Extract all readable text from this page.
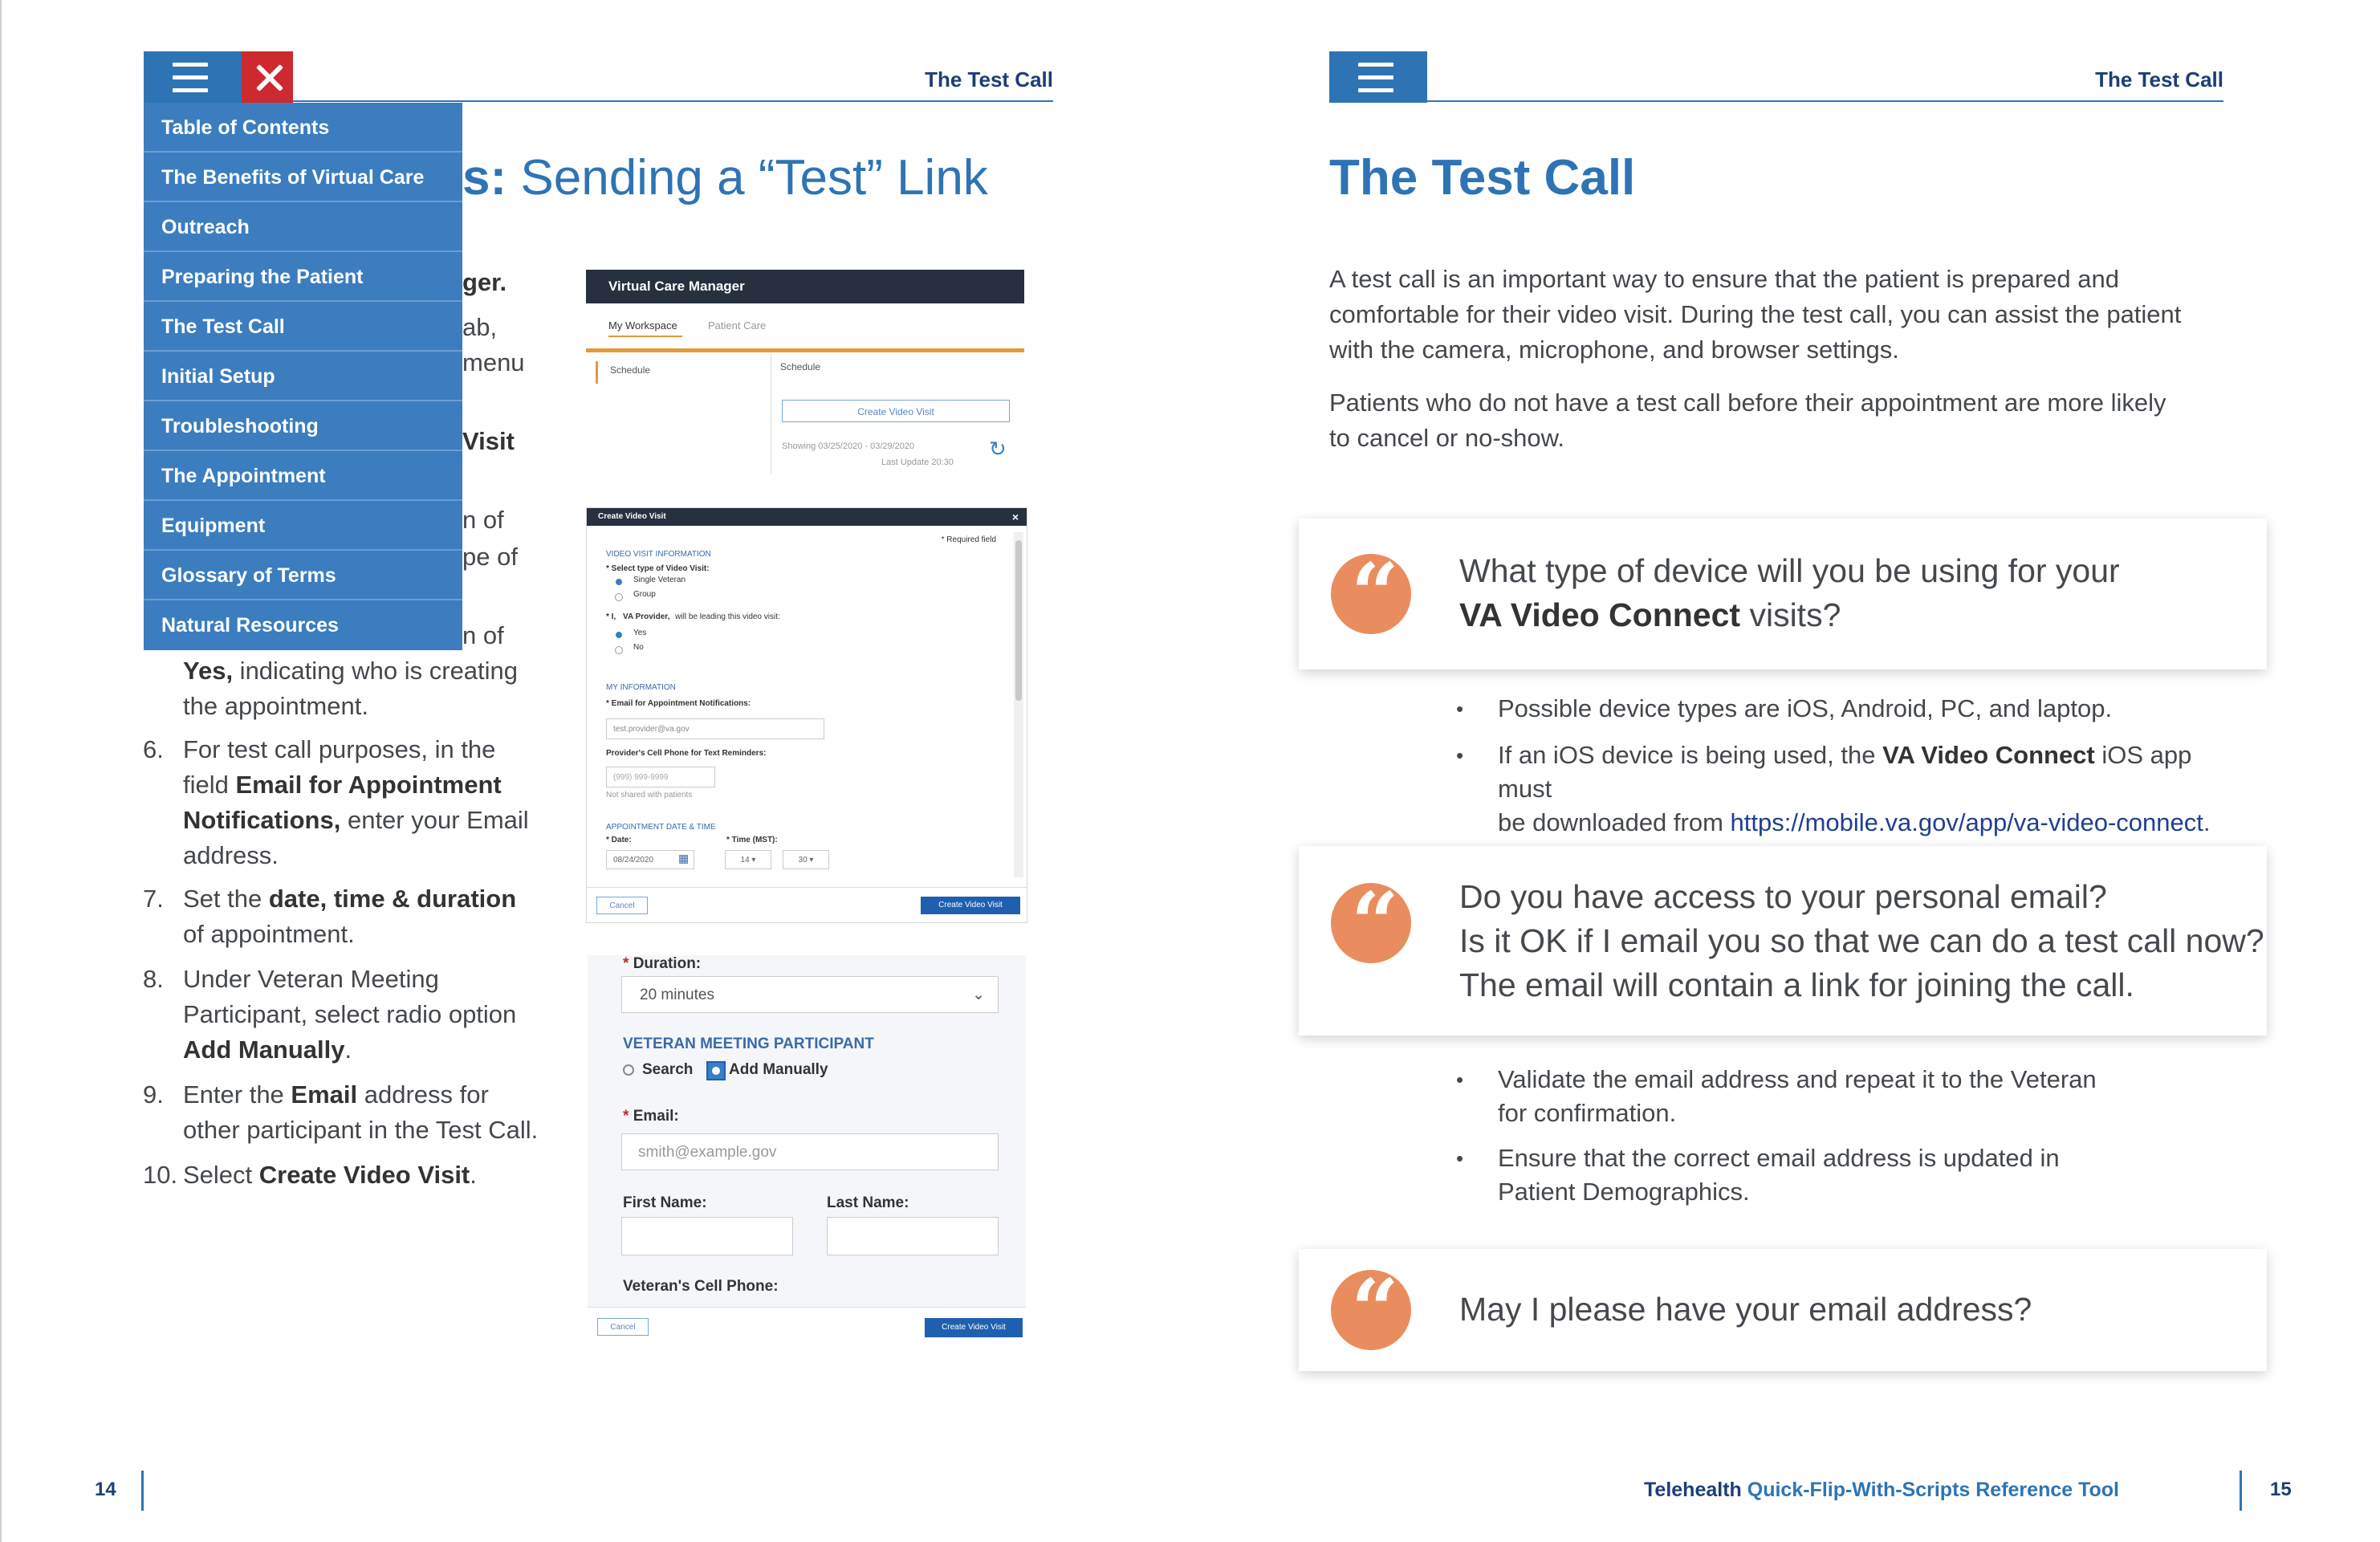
The Test Call
s: Sending a “Test” Link
ger.
ab,
menu
Visit
n of
pe of
n of
Yes, indicating who is creating
the appointment.
6. For test call purposes, in the
field Email for Appointment
Notifications, enter your Email
address.
7. Set the date, time & duration
of appointment.
8. Under Veteran Meeting
Participant, select radio option
Add Manually.
9. Enter the Email address for
other participant in the Test Call.
10. Select Create Video Visit.
Virtual Care Manager
My Workspace	Patient Care
Schedule	Schedule
Create Video Visit
Showing 03/25/2020 - 03/29/2020
Last Update 20:30
↻
Create Video Visit	×
* Required field
VIDEO VISIT INFORMATION
* Select type of Video Visit:
Single Veteran
Group
* I, VA Provider, will be leading this video visit:
Yes
No
MY INFORMATION
* Email for Appointment Notifications:
test.provider@va.gov
Provider's Cell Phone for Text Reminders:
(999) 999-9999
Not shared with patients
APPOINTMENT DATE & TIME
* Date:	* Time (MST):
08/24/2020	▦	14 ▾	30 ▾
Cancel	Create Video Visit
* Duration:
20 minutes	⌄
VETERAN MEETING PARTICIPANT
Search Add Manually
* Email:
smith@example.gov
First Name:	Last Name:
Veteran's Cell Phone:
Cancel	Create Video Visit
14
Table of Contents
The Benefits of Virtual Care
Outreach
Preparing the Patient
The Test Call
Initial Setup
Troubleshooting
The Appointment
Equipment
Glossary of Terms
Natural Resources
The Test Call
The Test Call
A test call is an important way to ensure that the patient is prepared and
comfortable for their video visit. During the test call, you can assist the patient
with the camera, microphone, and browser settings.
Patients who do not have a test call before their appointment are more likely
to cancel or no-show.
“	What type of device will you be using for your
VA Video Connect visits?
• Possible device types are iOS, Android, PC, and laptop.
• If an iOS device is being used, the VA Video Connect iOS app must
be downloaded from https://mobile.va.gov/app/va-video-connect.
“	Do you have access to your personal email?
Is it OK if I email you so that we can do a test call now?
The email will contain a link for joining the call.
• Validate the email address and repeat it to the Veteran
for confirmation.
• Ensure that the correct email address is updated in
Patient Demographics.
“	May I please have your email address?
Telehealth Quick-Flip-With-Scripts Reference Tool	15
